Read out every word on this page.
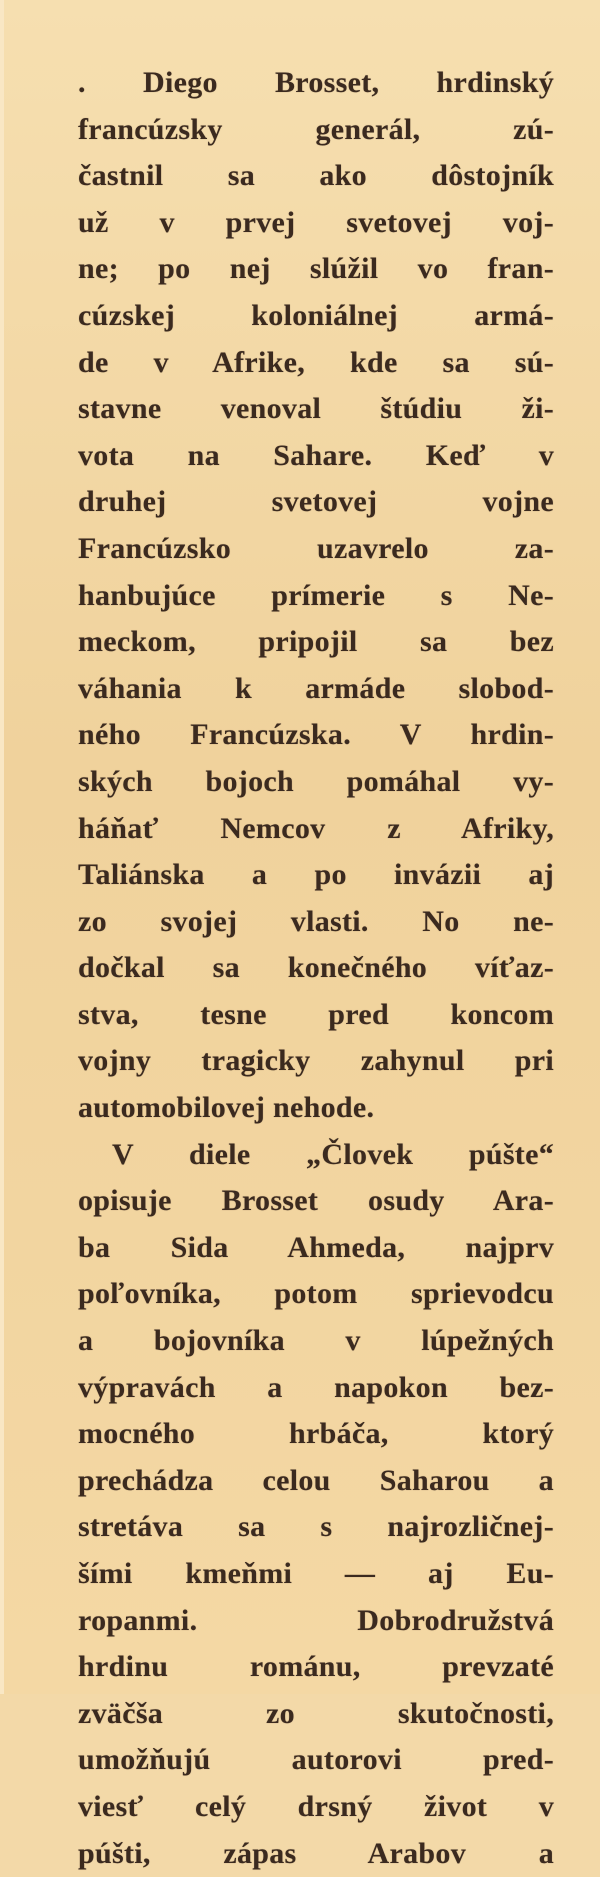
. Diego Brosset, hrdinský
francúzsky generál, zú-
častnil sa ako dôstojník
už v prvej svetovej voj-
ne; po nej slúžil vo fran-
cúzskej koloniálnej armá-
de v Afrike, kde sa sú-
stavne venoval štúdiu ži-
vota na Sahare. Keď v
druhej svetovej vojne
Francúzsko uzavrelo za-
hanbujúce prímerie s Ne-
meckom, pripojil sa bez
váhania k armáde slobod-
ného Francúzska. V hrdin-
ských bojoch pomáhal vy-
háňať Nemcov z Afriky,
Taliánska a po invázii aj
zo svojej vlasti. No ne-
dočkal sa konečného víťaz-
stva, tesne pred koncom
vojny tragicky zahynul pri
automobilovej nehode.

V diele „Človek púšte“
opisuje Brosset osudy Ara-
ba Sida Ahmeda, najprv
poľovníka, potom sprievodcu
a bojovníka v lúpežných
výpravách a napokon bez-
mocného hrbáča, ktorý
prechádza celou Saharou a
stretáva sa s najrozličnej-
šími kmeňmi — aj Eu-
ropanmi. Dobrodružstvá
hrdinu románu, prevzaté
zväčša zo skutočnosti,
umožňujú autorovi pred-
viesť celý drsný život v
púšti, zápas Arabov a
